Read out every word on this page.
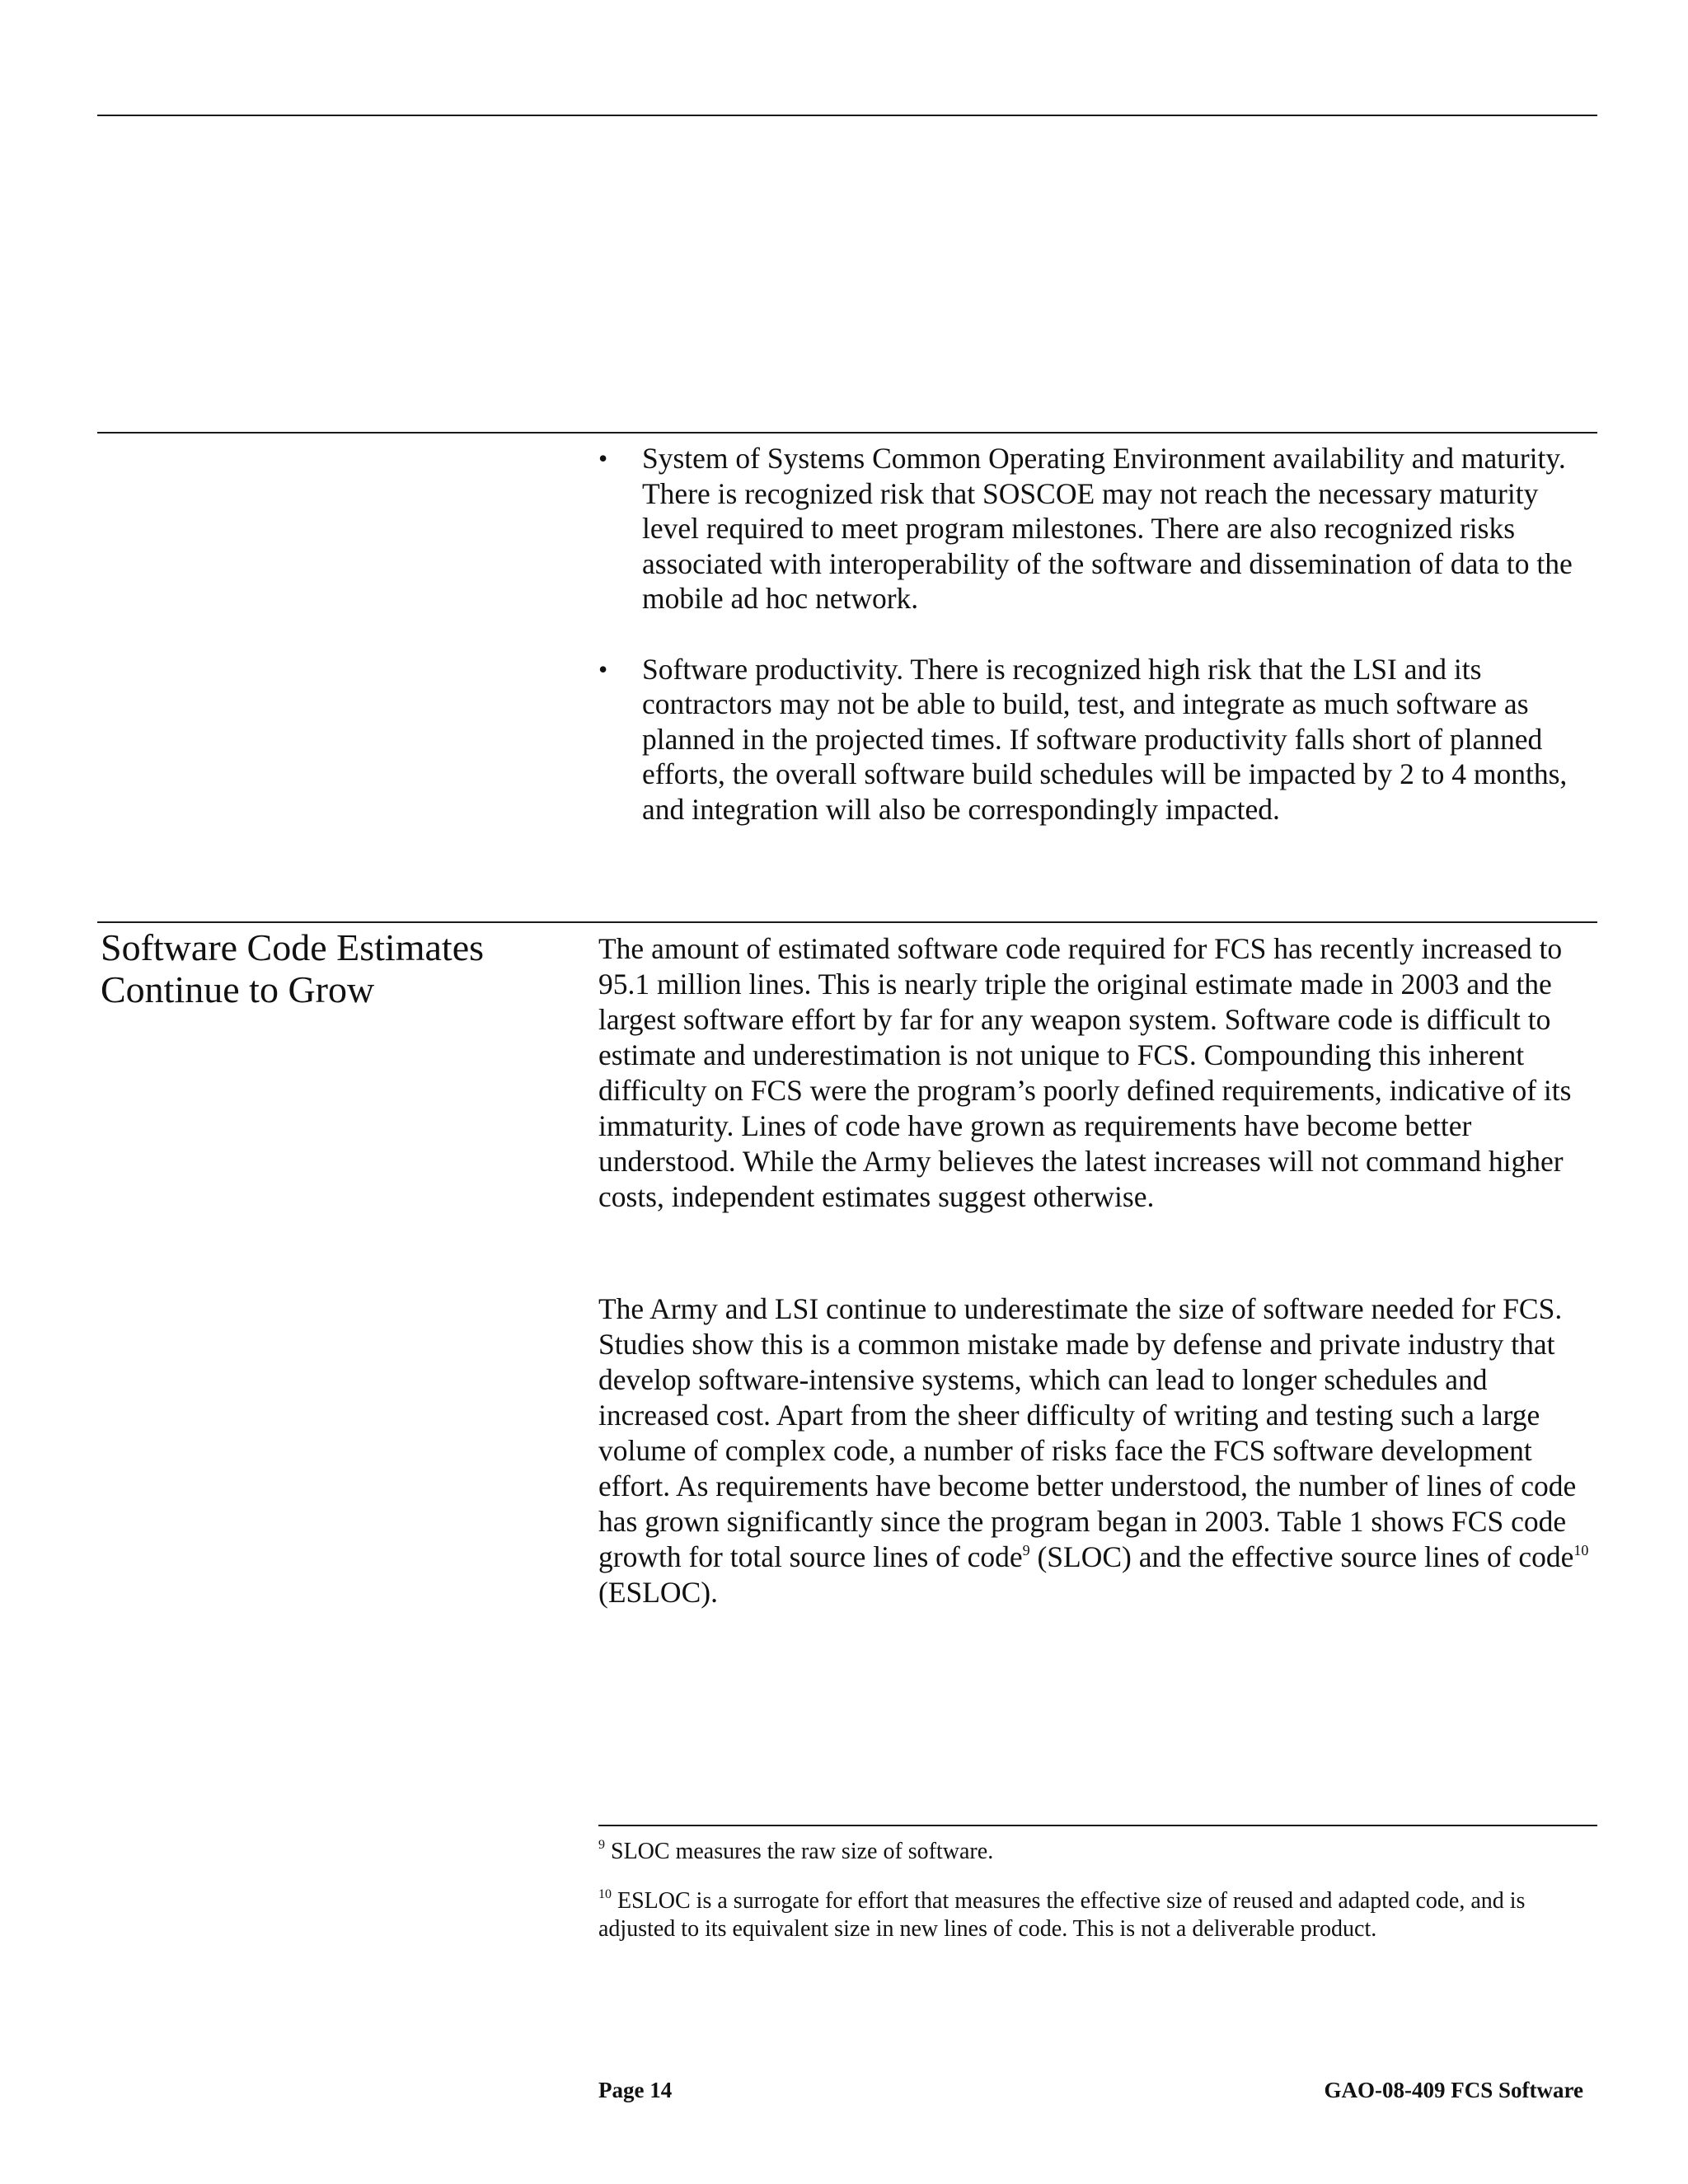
• System of Systems Common Operating Environment availability and maturity. There is recognized risk that SOSCOE may not reach the necessary maturity level required to meet program milestones. There are also recognized risks associated with interoperability of the software and dissemination of data to the mobile ad hoc network.
• Software productivity. There is recognized high risk that the LSI and its contractors may not be able to build, test, and integrate as much software as planned in the projected times. If software productivity falls short of planned efforts, the overall software build schedules will be impacted by 2 to 4 months, and integration will also be correspondingly impacted.
Software Code Estimates Continue to Grow

The amount of estimated software code required for FCS has recently increased to 95.1 million lines. This is nearly triple the original estimate made in 2003 and the largest software effort by far for any weapon system. Software code is difficult to estimate and underestimation is not unique to FCS. Compounding this inherent difficulty on FCS were the program’s poorly defined requirements, indicative of its immaturity. Lines of code have grown as requirements have become better understood. While the Army believes the latest increases will not command higher costs, independent estimates suggest otherwise.

The Army and LSI continue to underestimate the size of software needed for FCS. Studies show this is a common mistake made by defense and private industry that develop software-intensive systems, which can lead to longer schedules and increased cost. Apart from the sheer difficulty of writing and testing such a large volume of complex code, a number of risks face the FCS software development effort. As requirements have become better understood, the number of lines of code has grown significantly since the program began in 2003. Table 1 shows FCS code growth for total source lines of code$^9$ (SLOC) and the effective source lines of code$^{10}$ (ESLOC).

$^9$ SLOC measures the raw size of software.

$^{10}$ ESLOC is a surrogate for effort that measures the effective size of reused and adapted code, and is adjusted to its equivalent size in new lines of code. This is not a deliverable product.

Page 14	GAO-08-409 FCS Software
